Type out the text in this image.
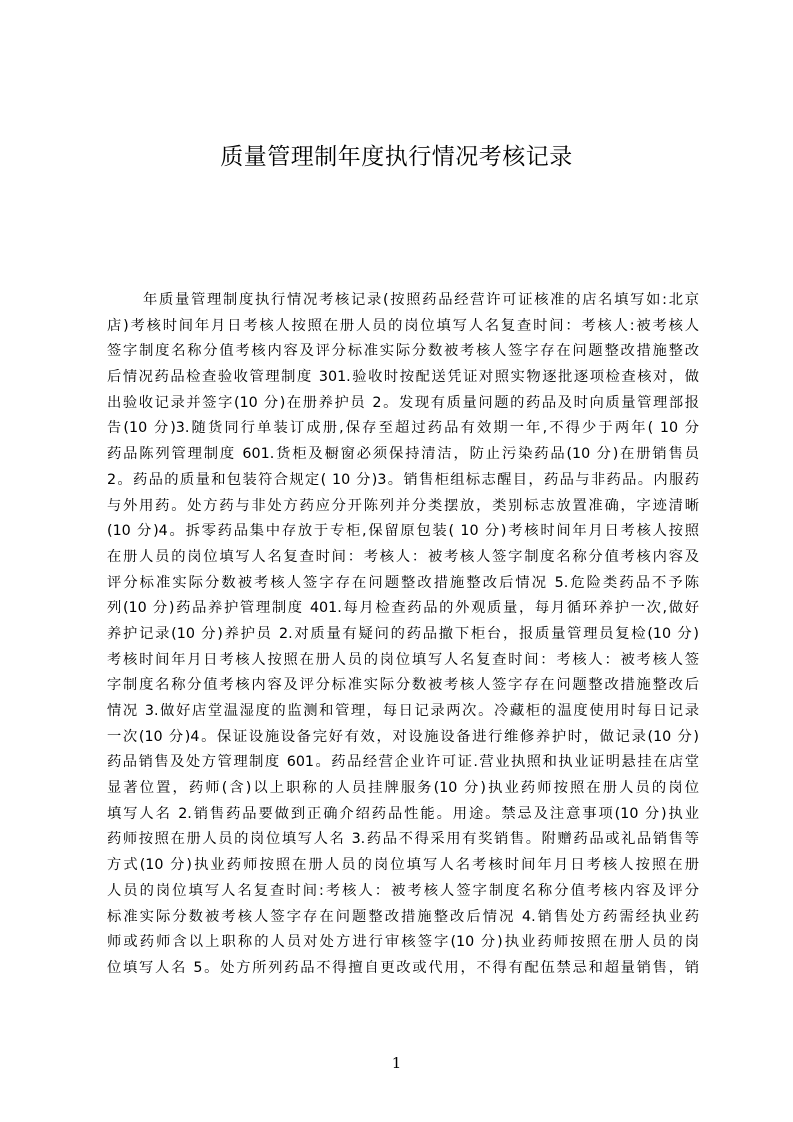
质量管理制年度执行情况考核记录
年质量管理制度执行情况考核记录(按照药品经营许可证核准的店名填写如:北京
店)考核时间年月日考核人按照在册人员的岗位填写人名复查时间：考核人:被考核人
签字制度名称分值考核内容及评分标准实际分数被考核人签字存在问题整改措施整改
后情况药品检查验收管理制度 301.验收时按配送凭证对照实物逐批逐项检查核对，做
出验收记录并签字(10 分)在册养护员 2。发现有质量问题的药品及时向质量管理部报
告(10 分)3.随货同行单装订成册,保存至超过药品有效期一年,不得少于两年( 10 分
药品陈列管理制度 601.货柜及橱窗必须保持清洁，防止污染药品(10 分)在册销售员
2。药品的质量和包装符合规定( 10 分)3。销售柜组标志醒目，药品与非药品。内服药
与外用药。处方药与非处方药应分开陈列并分类摆放，类别标志放置准确，字迹清晰
(10 分)4。拆零药品集中存放于专柜,保留原包装( 10 分)考核时间年月日考核人按照
在册人员的岗位填写人名复查时间：考核人：被考核人签字制度名称分值考核内容及
评分标准实际分数被考核人签字存在问题整改措施整改后情况 5.危险类药品不予陈
列(10 分)药品养护管理制度 401.每月检查药品的外观质量，每月循环养护一次,做好
养护记录(10 分)养护员 2.对质量有疑问的药品撤下柜台，报质量管理员复检(10 分)
考核时间年月日考核人按照在册人员的岗位填写人名复查时间：考核人：被考核人签
字制度名称分值考核内容及评分标准实际分数被考核人签字存在问题整改措施整改后
情况 3.做好店堂温湿度的监测和管理，每日记录两次。冷藏柜的温度使用时每日记录
一次(10 分)4。保证设施设备完好有效，对设施设备进行维修养护时，做记录(10 分)
药品销售及处方管理制度 601。药品经营企业许可证.营业执照和执业证明悬挂在店堂
显著位置，药师(含)以上职称的人员挂牌服务(10 分)执业药师按照在册人员的岗位
填写人名 2.销售药品要做到正确介绍药品性能。用途。禁忌及注意事项(10 分)执业
药师按照在册人员的岗位填写人名 3.药品不得采用有奖销售。附赠药品或礼品销售等
方式(10 分)执业药师按照在册人员的岗位填写人名考核时间年月日考核人按照在册
人员的岗位填写人名复查时间:考核人：被考核人签字制度名称分值考核内容及评分
标准实际分数被考核人签字存在问题整改措施整改后情况 4.销售处方药需经执业药
师或药师含以上职称的人员对处方进行审核签字(10 分)执业药师按照在册人员的岗
位填写人名 5。处方所列药品不得擅自更改或代用，不得有配伍禁忌和超量销售，销
1
